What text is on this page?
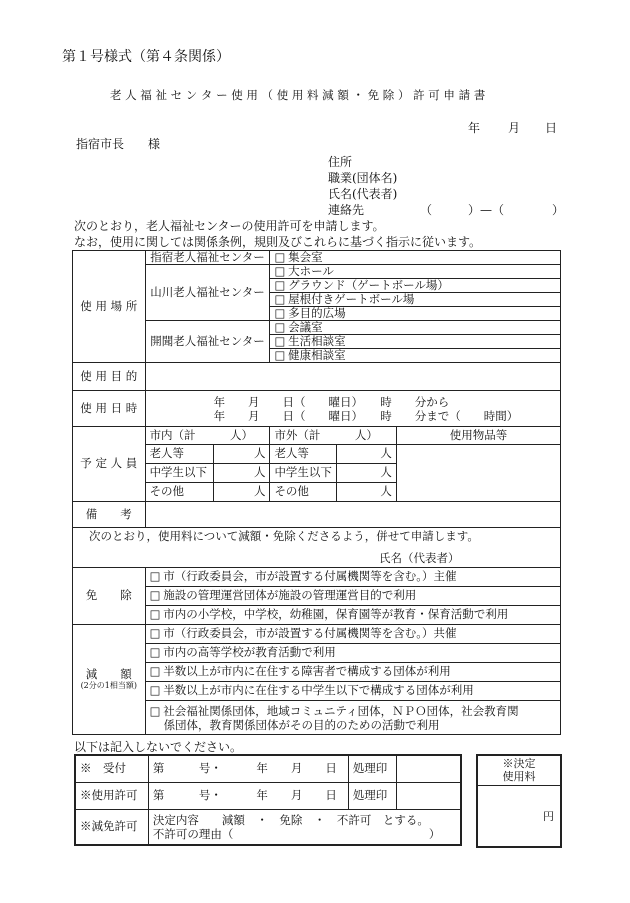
第１号様式（第４条関係）
老 人 福 祉 セ ン タ ー 使 用 （ 使 用 料 減 額 ・ 免 除 ） 許 可 申 請 書
年 月 日
指宿市長　　様
住所
職業(団体名)
氏名(代表者)
連絡先	（　　　）—（　　　　）
次のとおり，老人福祉センターの使用許可を申請します。
なお，使用に関しては関係条例，規則及びこれらに基づく指示に従います。
使 用 場 所	指宿老人福祉センター		□ 集会室		
	山川老人福祉センター		□ 大ホール		
			□ グラウンド（ゲートボール場）		
			□ 屋根付きゲートボール場		
			□ 多目的広場		
	開聞老人福祉センター		□ 会議室		
			□ 生活相談室		
			□ 健康相談室		
使 用 目 的					
使 用 日 時	年　　月　　日（　　曜日）　　時　　分から
年　　月　　日（　　曜日）　　時　　分まで（　　時間）				

予 定 人 員	市内（計　　　人）		市外（計　　　人）		使用物品等
	老人等	人	老人等	人	
	中学生以下	人	中学生以下	人	
	その他	人	その他	人	
備　　考					

次のとおり，使用料について減額・免除くださるよう，併せて申請します。
氏名（代表者）					

免　　除	□ 市（行政委員会，市が設置する付属機関等を含む。）主催				
	□ 施設の管理運営団体が施設の管理運営目的で利用				
	□ 市内の小学校，中学校，幼稚園，保育園等が教育・保育活動で利用				

減　　額
(2分の1相当額)	□ 市（行政委員会，市が設置する付属機関等を含む。）共催				
	□ 市内の高等学校が教育活動で利用				
	□ 半数以上が市内に在住する障害者で構成する団体が利用				
	□ 半数以上が市内に在住する中学生以下で構成する団体が利用				

	□ 社会福祉関係団体，地域コミュニティ団体，ＮＰＯ団体，社会教育関
係団体，教育関係団体がその目的のための活動で利用				
以下は記入しないでください。
※　受付	第　　　号・　　　年　　月　　日	処理印	
※使用許可	第　　　号・　　　年　　月　　日	処理印	
※減免許可	決定内容　　減額　・　免除　・　不許可　とする。
不許可の理由（　　　　　　　　　　　　　　　　　）		
※決定
使用料
円
